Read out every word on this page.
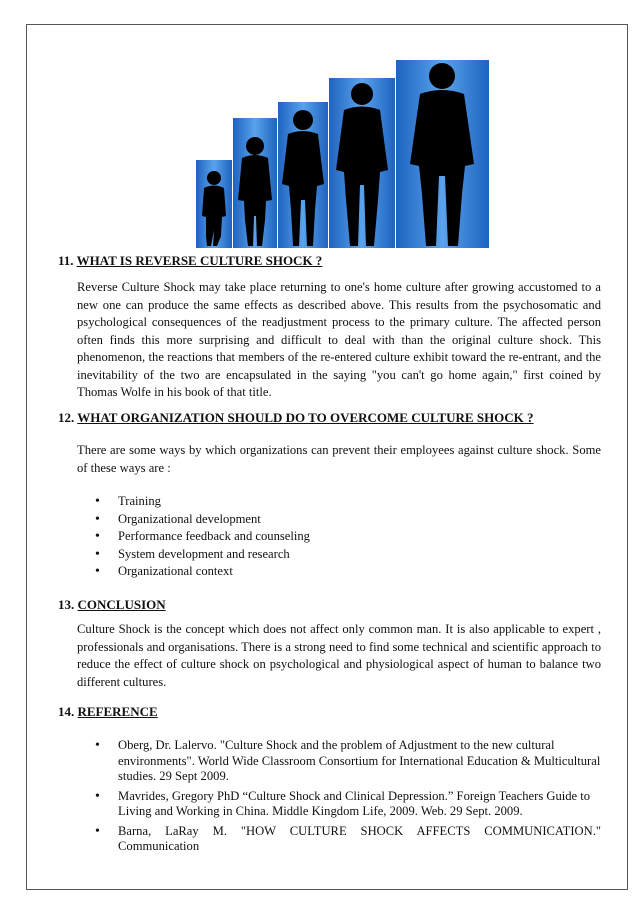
11. WHAT IS REVERSE CULTURE SHOCK ?
Reverse Culture Shock may take place returning to one's home culture after growing accustomed to a new one can produce the same effects as described above. This results from the psychosomatic and psychological consequences of the readjustment process to the primary culture. The affected person often finds this more surprising and difficult to deal with than the original culture shock. This phenomenon, the reactions that members of the re-entered culture exhibit toward the re-entrant, and the inevitability of the two are encapsulated in the saying "you can't go home again," first coined by Thomas Wolfe in his book of that title.
12. WHAT ORGANIZATION SHOULD DO TO OVERCOME CULTURE SHOCK ?
There are some ways by which organizations can prevent their employees against culture shock. Some of these ways are :
• Training
• Organizational development
• Performance feedback and counseling
• System development and research
• Organizational context
13. CONCLUSION
Culture Shock is the concept which does not affect only common man. It is also applicable to expert , professionals and organisations. There is a strong need to find some technical and scientific approach to reduce the effect of culture shock on psychological and physiological aspect of human to balance two different cultures.
14. REFERENCE
• Oberg, Dr. Lalervo. "Culture Shock and the problem of Adjustment to the new cultural environments". World Wide Classroom Consortium for International Education & Multicultural studies. 29 Sept 2009.
• Mavrides, Gregory PhD “Culture Shock and Clinical Depression.” Foreign Teachers Guide to Living and Working in China. Middle Kingdom Life, 2009. Web. 29 Sept. 2009.
• Barna, LaRay M. "HOW CULTURE SHOCK AFFECTS COMMUNICATION."
Communication
